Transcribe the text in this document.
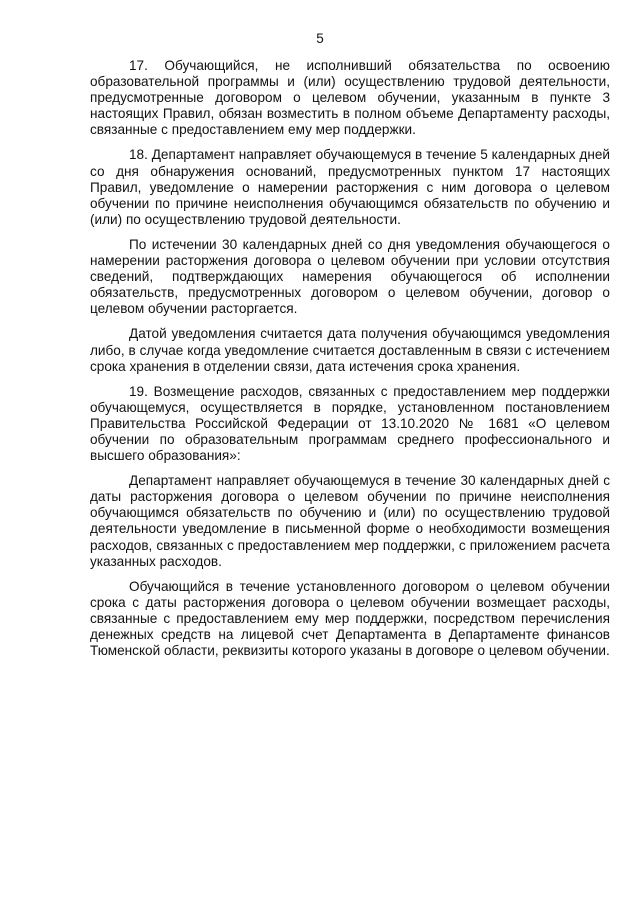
5

17. Обучающийся, не исполнивший обязательства по освоению образовательной программы и (или) осуществлению трудовой деятельности, предусмотренные договором о целевом обучении, указанным в пункте 3 настоящих Правил, обязан возместить в полном объеме Департаменту расходы, связанные с предоставлением ему мер поддержки.

18. Департамент направляет обучающемуся в течение 5 календарных дней со дня обнаружения оснований, предусмотренных пунктом 17 настоящих Правил, уведомление о намерении расторжения с ним договора о целевом обучении по причине неисполнения обучающимся обязательств по обучению и (или) по осуществлению трудовой деятельности.

По истечении 30 календарных дней со дня уведомления обучающегося о намерении расторжения договора о целевом обучении при условии отсутствия сведений, подтверждающих намерения обучающегося об исполнении обязательств, предусмотренных договором о целевом обучении, договор о целевом обучении расторгается.

Датой уведомления считается дата получения обучающимся уведомления либо, в случае когда уведомление считается доставленным в связи с истечением срока хранения в отделении связи, дата истечения срока хранения.

19. Возмещение расходов, связанных с предоставлением мер поддержки обучающемуся, осуществляется в порядке, установленном постановлением Правительства Российской Федерации от 13.10.2020 № 1681 «О целевом обучении по образовательным программам среднего профессионального и высшего образования»:

Департамент направляет обучающемуся в течение 30 календарных дней с даты расторжения договора о целевом обучении по причине неисполнения обучающимся обязательств по обучению и (или) по осуществлению трудовой деятельности уведомление в письменной форме о необходимости возмещения расходов, связанных с предоставлением мер поддержки, с приложением расчета указанных расходов.

Обучающийся в течение установленного договором о целевом обучении срока с даты расторжения договора о целевом обучении возмещает расходы, связанные с предоставлением ему мер поддержки, посредством перечисления денежных средств на лицевой счет Департамента в Департаменте финансов Тюменской области, реквизиты которого указаны в договоре о целевом обучении.
